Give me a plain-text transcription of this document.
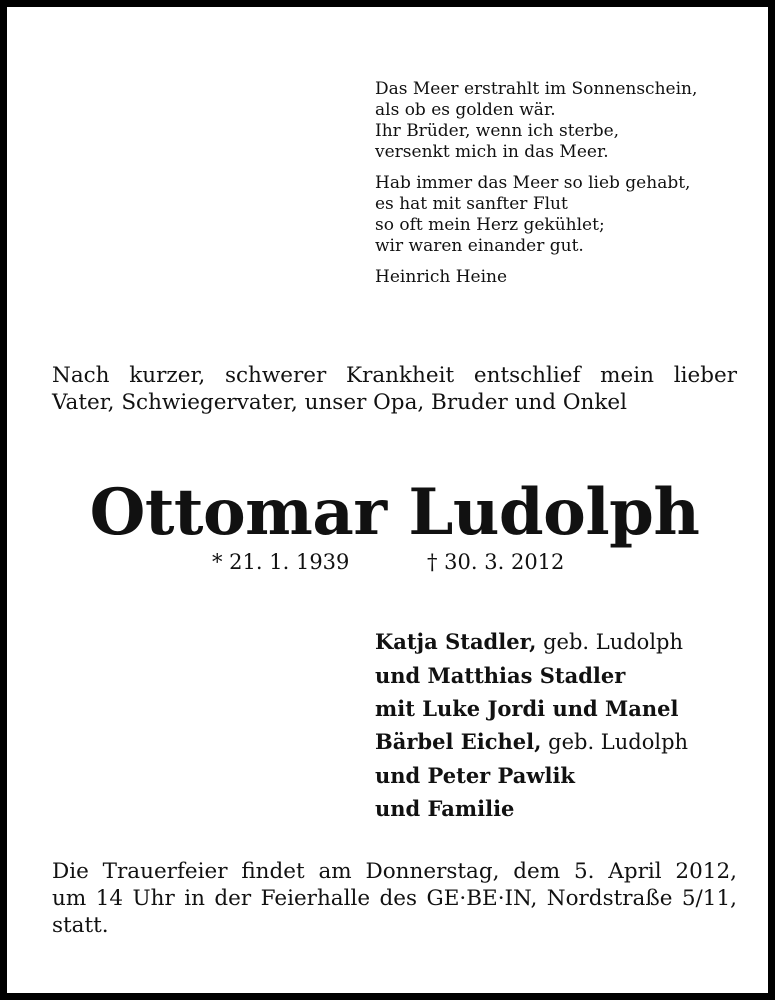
Das Meer erstrahlt im Sonnenschein,
als ob es golden wär.
Ihr Brüder, wenn ich sterbe,
versenkt mich in das Meer.
Hab immer das Meer so lieb gehabt,
es hat mit sanfter Flut
so oft mein Herz gekühlet;
wir waren einander gut.
Heinrich Heine
Nach kurzer, schwerer Krankheit entschlief mein lieber
Vater, Schwiegervater, unser Opa, Bruder und Onkel
Ottomar Ludolph
* 21. 1. 1939	† 30. 3. 2012
Katja Stadler, geb. Ludolph
und Matthias Stadler
mit Luke Jordi und Manel
Bärbel Eichel, geb. Ludolph
und Peter Pawlik
und Familie
Die Trauerfeier findet am Donnerstag, dem 5. April 2012,
um 14 Uhr in der Feierhalle des GE·BE·IN, Nordstraße 5/11,
statt.
